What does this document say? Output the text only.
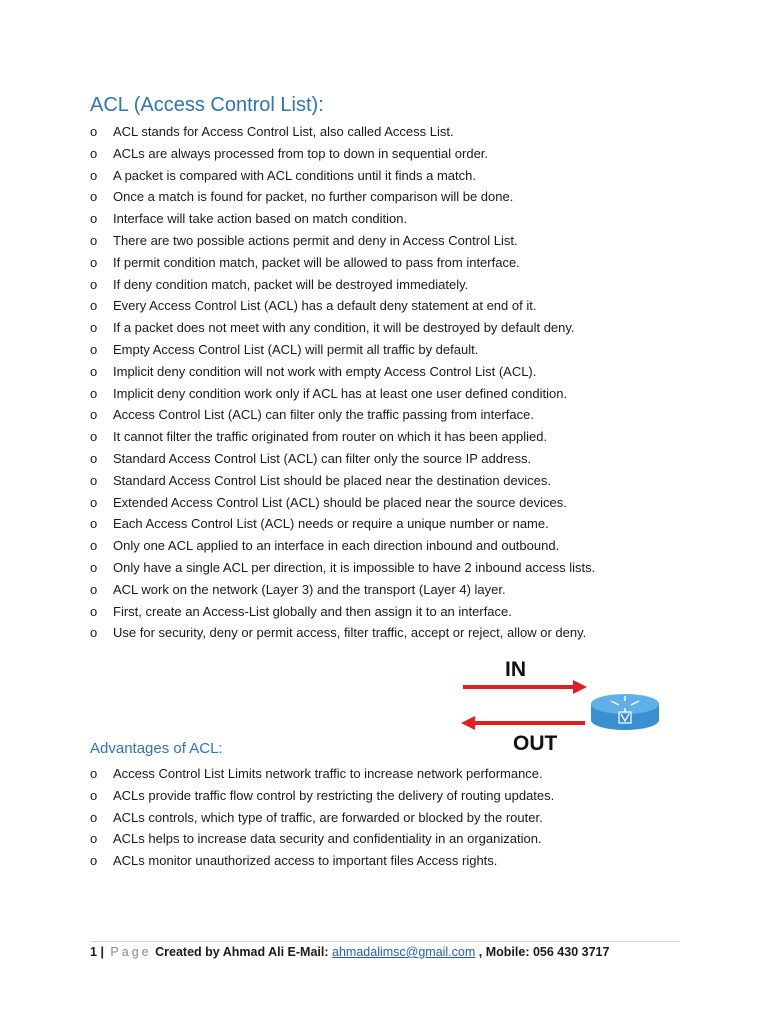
ACL (Access Control List):
o	ACL stands for Access Control List, also called Access List.
o	ACLs are always processed from top to down in sequential order.
o	A packet is compared with ACL conditions until it finds a match.
o	Once a match is found for packet, no further comparison will be done.
o	Interface will take action based on match condition.
o	There are two possible actions permit and deny in Access Control List.
o	If permit condition match, packet will be allowed to pass from interface.
o	If deny condition match, packet will be destroyed immediately.
o	Every Access Control List (ACL) has a default deny statement at end of it.
o	If a packet does not meet with any condition, it will be destroyed by default deny.
o	Empty Access Control List (ACL) will permit all traffic by default.
o	Implicit deny condition will not work with empty Access Control List (ACL).
o	Implicit deny condition work only if ACL has at least one user defined condition.
o	Access Control List (ACL) can filter only the traffic passing from interface.
o	It cannot filter the traffic originated from router on which it has been applied.
o	Standard Access Control List (ACL) can filter only the source IP address.
o	Standard Access Control List should be placed near the destination devices.
o	Extended Access Control List (ACL) should be placed near the source devices.
o	Each Access Control List (ACL) needs or require a unique number or name.
o	Only one ACL applied to an interface in each direction inbound and outbound.
o	Only have a single ACL per direction, it is impossible to have 2 inbound access lists.
o	ACL work on the network (Layer 3) and the transport (Layer 4) layer.
o	First, create an Access-List globally and then assign it to an interface.
o	Use for security, deny or permit access, filter traffic, accept or reject, allow or deny.
IN
OUT
Advantages of ACL:
o	Access Control List Limits network traffic to increase network performance.
o	ACLs provide traffic flow control by restricting the delivery of routing updates.
o	ACLs controls, which type of traffic, are forwarded or blocked by the router.
o	ACLs helps to increase data security and confidentiality in an organization.
o	ACLs monitor unauthorized access to important files Access rights.
1 | Page Created by Ahmad Ali E-Mail: ahmadalimsc@gmail.com , Mobile: 056 430 3717
